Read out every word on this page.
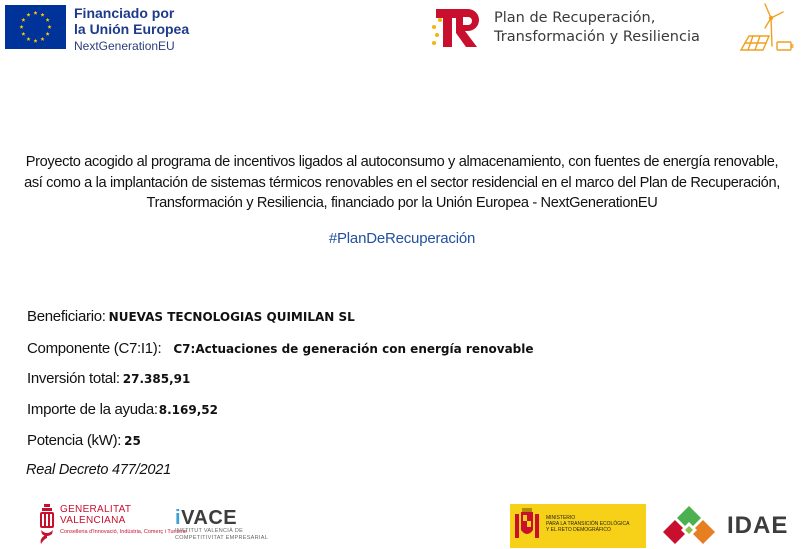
Financiado por
la Unión Europea
NextGenerationEU
Plan de Recuperación,
Transformación y Resiliencia

Proyecto acogido al programa de incentivos ligados al autoconsumo y almacenamiento, con fuentes de energía renovable, así como a la implantación de sistemas térmicos renovables en el sector residencial en el marco del Plan de Recuperación, Transformación y Resiliencia, financiado por la Unión Europea - NextGenerationEU

#PlanDeRecuperación

Beneficiario: NUEVAS TECNOLOGIAS QUIMILAN SL
Componente (C7:I1): C7:Actuaciones de generación con energía renovable
Inversión total: 27.385,91
Importe de la ayuda:8.169,52
Potencia (kW): 25

Real Decreto 477/2021

GENERALITAT
VALENCIANA
Conselleria d'Innovació, Indústria, Comerç i Turisme
iVACE
INSTITUT VALENCIÀ DE
COMPETITIVITAT EMPRESARIAL
MINISTERIO
PARA LA TRANSICIÓN ECOLÓGICA
Y EL RETO DEMOGRÁFICO	IDAE
